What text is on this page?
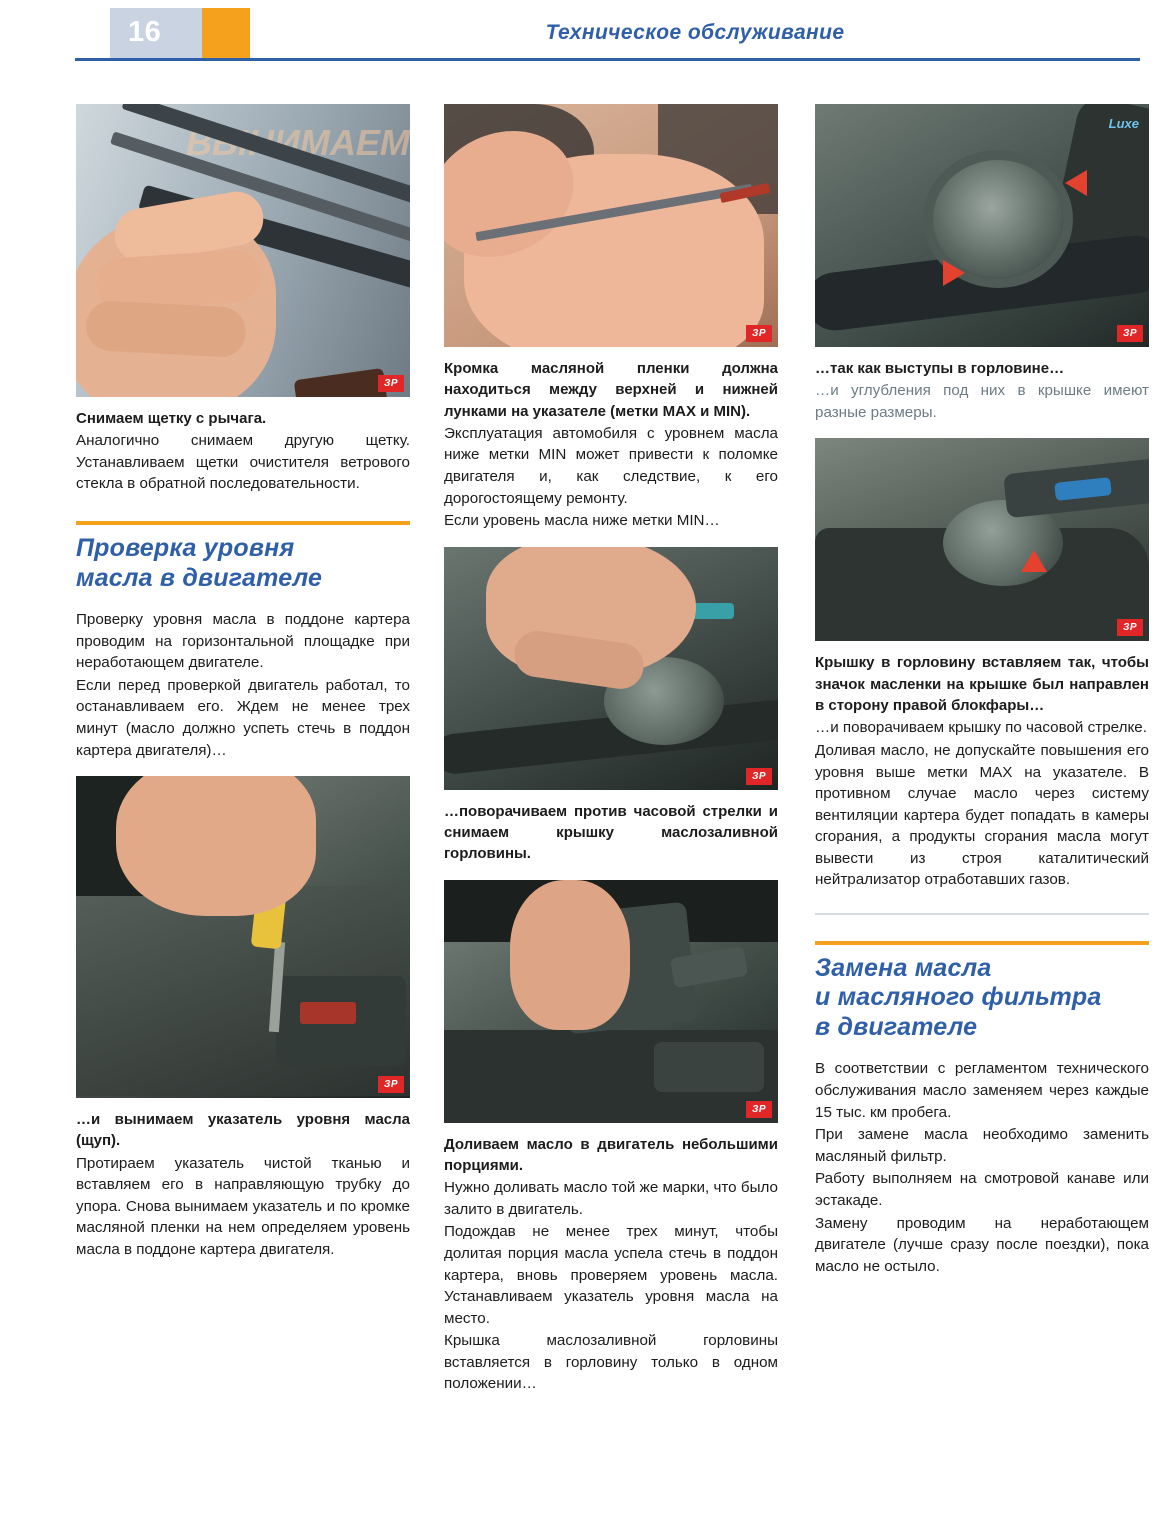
16	Техническое обслуживание
ВЫНИМАЕМ
ЗР

Снимаем щетку с рычага.

Аналогично снимаем другую щетку. Устанавливаем щетки очистителя ветрового стекла в обратной последовательности.

Проверка уровня
масла в двигателе

Проверку уровня масла в поддоне картера проводим на горизонтальной площадке при неработающем двигателе.

Если перед проверкой двигатель работал, то останавливаем его. Ждем не менее трех минут (масло должно успеть стечь в поддон картера двигателя)…

ЗР

…и вынимаем указатель уровня масла (щуп).

Протираем указатель чистой тканью и вставляем его в направляющую трубку до упора. Снова вынимаем указатель и по кромке масляной пленки на нем определяем уровень масла в поддоне картера двигателя.

ЗР

Кромка масляной пленки должна находиться между верхней и нижней лунками на указателе (метки MAX и MIN).

Эксплуатация автомобиля с уровнем масла ниже метки MIN может привести к поломке двигателя и, как следствие, к его дорогостоящему ремонту.

Если уровень масла ниже метки MIN…

ЗР

…поворачиваем против часовой стрелки и снимаем крышку маслозаливной горловины.

ЗР

Доливаем масло в двигатель небольшими порциями.

Нужно доливать масло той же марки, что было залито в двигатель.

Подождав не менее трех минут, чтобы долитая порция масла успела стечь в поддон картера, вновь проверяем уровень масла. Устанавливаем указатель уровня масла на место.

Крышка маслозаливной горловины вставляется в горловину только в одном положении…

Luxe
ЗР

…так как выступы в горловине…

…и углубления под них в крышке имеют разные размеры.

ЗР

Крышку в горловину вставляем так, чтобы значок масленки на крышке был направлен в сторону правой блокфары…

…и поворачиваем крышку по часовой стрелке.

Доливая масло, не допускайте повышения его уровня выше метки MAX на указателе. В противном случае масло через систему вентиляции картера будет попадать в камеры сгорания, а продукты сгорания масла могут вывести из строя каталитический нейтрализатор отработавших газов.

Замена масла
и масляного фильтра
в двигателе

В соответствии с регламентом технического обслуживания масло заменяем через каждые 15 тыс. км пробега.

При замене масла необходимо заменить масляный фильтр.

Работу выполняем на смотровой канаве или эстакаде.

Замену проводим на неработающем двигателе (лучше сразу после поездки), пока масло не остыло.
